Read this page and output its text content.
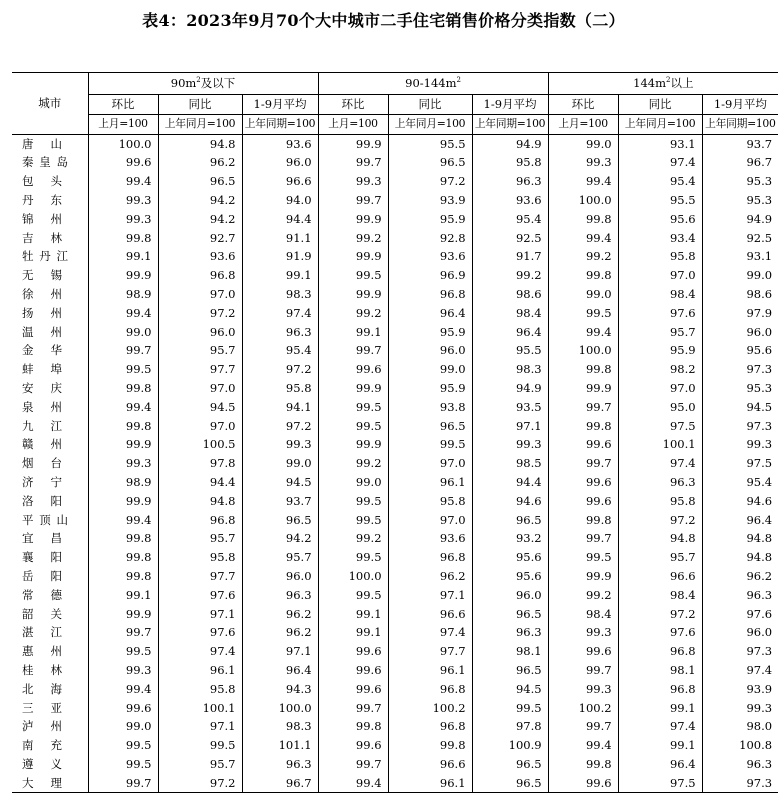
表4：2023年9月70个大中城市二手住宅销售价格分类指数（二）
城市	$90m^2$及以下			$90-144m^2$			$144m^2$以上		
	环比	同比	1-9月平均	环比	同比	1-9月平均	环比	同比	1-9月平均
	上月=100	上年同月=100	上年同期=100	上月=100	上年同月=100	上年同期=100	上月=100	上年同月=100	上年同期=100

唐 山	100.0	94.8	93.6	99.9	95.5	94.9	99.0	93.1	93.7

秦 皇 岛	99.6	96.2	96.0	99.7	96.5	95.8	99.3	97.4	96.7

包 头	99.4	96.5	96.6	99.3	97.2	96.3	99.4	95.4	95.3

丹 东	99.3	94.2	94.0	99.7	93.9	93.6	100.0	95.5	95.3

锦 州	99.3	94.2	94.4	99.9	95.9	95.4	99.8	95.6	94.9

吉 林	99.8	92.7	91.1	99.2	92.8	92.5	99.4	93.4	92.5

牡 丹 江	99.1	93.6	91.9	99.9	93.6	91.7	99.2	95.8	93.1

无 锡	99.9	96.8	99.1	99.5	96.9	99.2	99.8	97.0	99.0

徐 州	98.9	97.0	98.3	99.9	96.8	98.6	99.0	98.4	98.6

扬 州	99.4	97.2	97.4	99.2	96.4	98.4	99.5	97.6	97.9

温 州	99.0	96.0	96.3	99.1	95.9	96.4	99.4	95.7	96.0

金 华	99.7	95.7	95.4	99.7	96.0	95.5	100.0	95.9	95.6

蚌 埠	99.5	97.7	97.2	99.6	99.0	98.3	99.8	98.2	97.3

安 庆	99.8	97.0	95.8	99.9	95.9	94.9	99.9	97.0	95.3

泉 州	99.4	94.5	94.1	99.5	93.8	93.5	99.7	95.0	94.5

九 江	99.8	97.0	97.2	99.5	96.5	97.1	99.8	97.5	97.3

赣 州	99.9	100.5	99.3	99.9	99.5	99.3	99.6	100.1	99.3

烟 台	99.3	97.8	99.0	99.2	97.0	98.5	99.7	97.4	97.5

济 宁	98.9	94.4	94.5	99.0	96.1	94.4	99.6	96.3	95.4

洛 阳	99.9	94.8	93.7	99.5	95.8	94.6	99.6	95.8	94.6

平 顶 山	99.4	96.8	96.5	99.5	97.0	96.5	99.8	97.2	96.4

宜 昌	99.8	95.7	94.2	99.2	93.6	93.2	99.7	94.8	94.8

襄 阳	99.8	95.8	95.7	99.5	96.8	95.6	99.5	95.7	94.8

岳 阳	99.8	97.7	96.0	100.0	96.2	95.6	99.9	96.6	96.2

常 德	99.1	97.6	96.3	99.5	97.1	96.0	99.2	98.4	96.3

韶 关	99.9	97.1	96.2	99.1	96.6	96.5	98.4	97.2	97.6

湛 江	99.7	97.6	96.2	99.1	97.4	96.3	99.3	97.6	96.0

惠 州	99.5	97.4	97.1	99.6	97.7	98.1	99.6	96.8	97.3

桂 林	99.3	96.1	96.4	99.6	96.1	96.5	99.7	98.1	97.4

北 海	99.4	95.8	94.3	99.6	96.8	94.5	99.3	96.8	93.9

三 亚	99.6	100.1	100.0	99.7	100.2	99.5	100.2	99.1	99.3

泸 州	99.0	97.1	98.3	99.8	96.8	97.8	99.7	97.4	98.0

南 充	99.5	99.5	101.1	99.6	99.8	100.9	99.4	99.1	100.8

遵 义	99.5	95.7	96.3	99.7	96.6	96.5	99.8	96.4	96.3

大 理	99.7	97.2	96.7	99.4	96.1	96.5	99.6	97.5	97.3
